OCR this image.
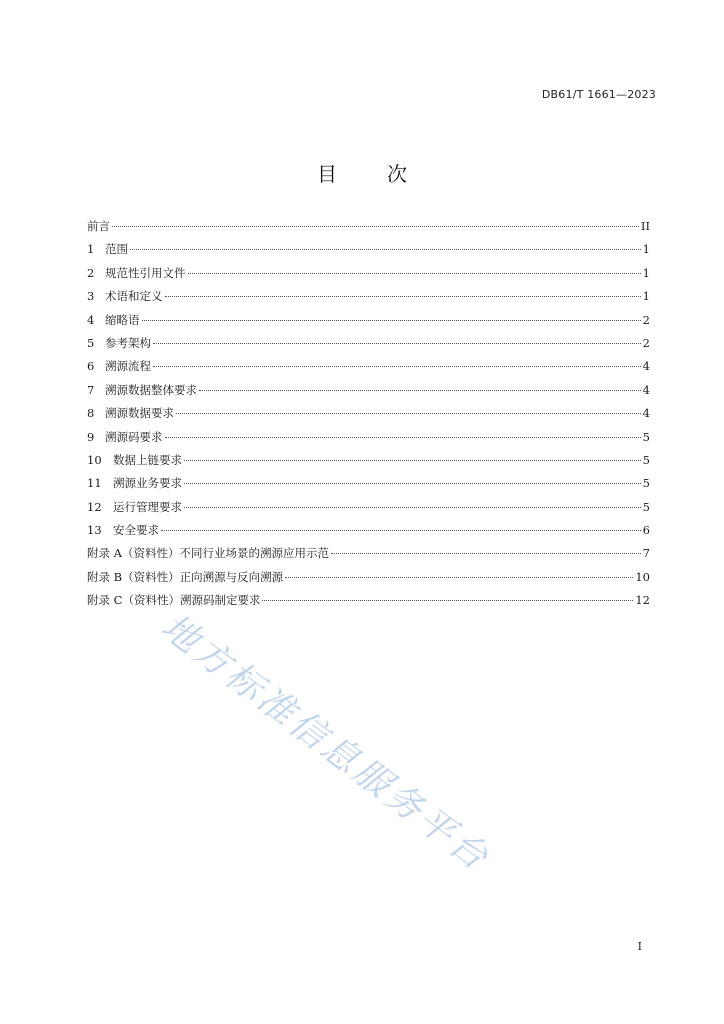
DB61/T 1661—2023
目	次
前言	II
1 范围	1
2 规范性引用文件	1
3 术语和定义	1
4 缩略语	2
5 参考架构	2
6 溯源流程	4
7 溯源数据整体要求	4
8 溯源数据要求	4
9 溯源码要求	5
10 数据上链要求	5
11 溯源业务要求	5
12 运行管理要求	5
13 安全要求	6
附录 A（资料性）不同行业场景的溯源应用示范	7
附录 B（资料性）正向溯源与反向溯源	10
附录 C（资料性）溯源码制定要求	12
地方标准信息服务平台
I
